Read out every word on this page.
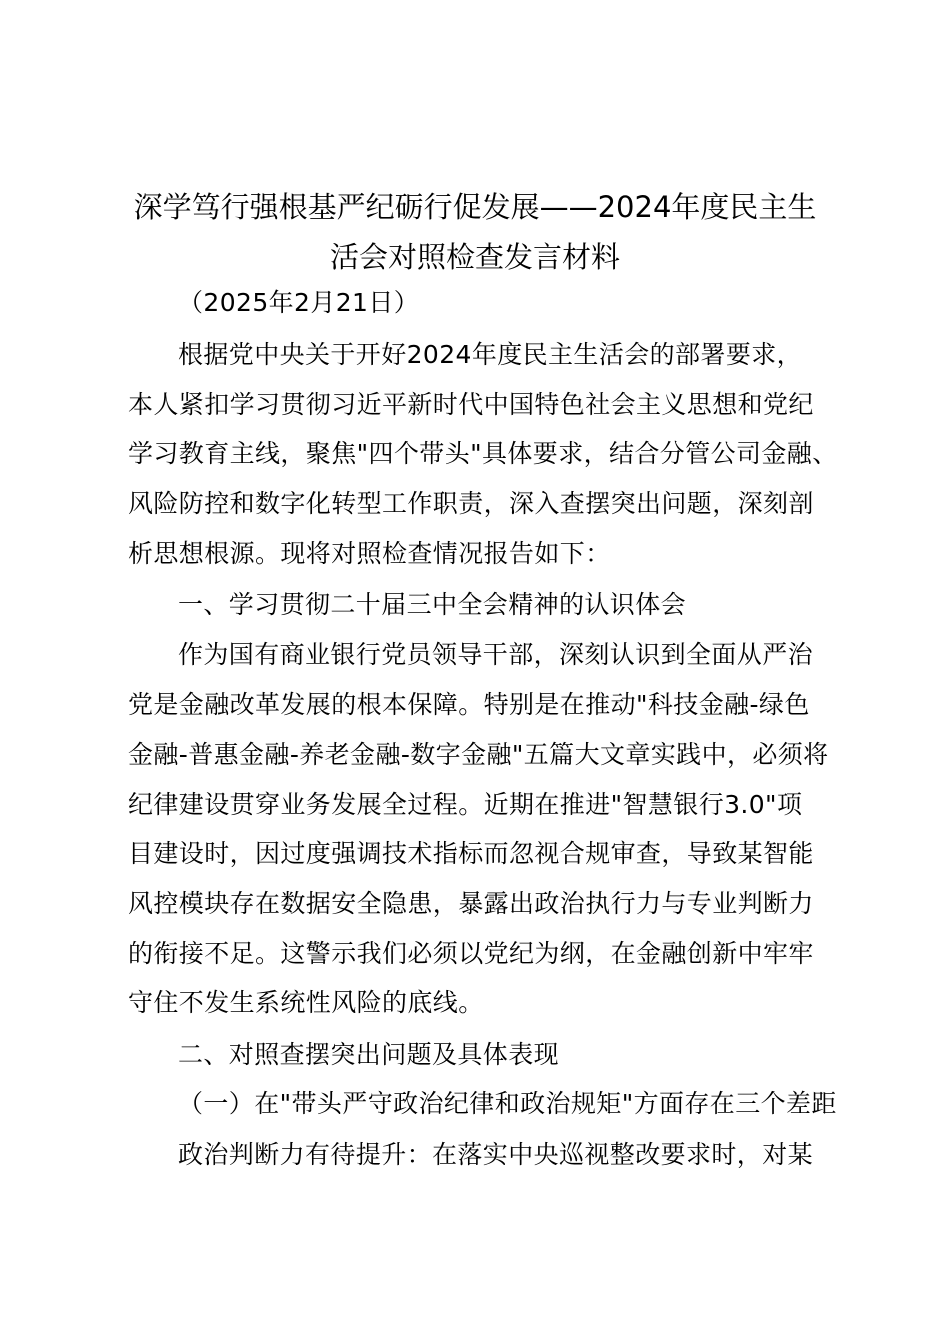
深学笃行强根基严纪砺行促发展——2024年度民主生
活会对照检查发言材料
（2025年2月21日）
根据党中央关于开好2024年度民主生活会的部署要求，
本人紧扣学习贯彻习近平新时代中国特色社会主义思想和党纪
学习教育主线，聚焦"四个带头"具体要求，结合分管公司金融、
风险防控和数字化转型工作职责，深入查摆突出问题，深刻剖
析思想根源。现将对照检查情况报告如下：
一、学习贯彻二十届三中全会精神的认识体会
作为国有商业银行党员领导干部，深刻认识到全面从严治
党是金融改革发展的根本保障。特别是在推动"科技金融-绿色
金融-普惠金融-养老金融-数字金融"五篇大文章实践中，必须将
纪律建设贯穿业务发展全过程。近期在推进"智慧银行3.0"项
目建设时，因过度强调技术指标而忽视合规审查，导致某智能
风控模块存在数据安全隐患，暴露出政治执行力与专业判断力
的衔接不足。这警示我们必须以党纪为纲，在金融创新中牢牢
守住不发生系统性风险的底线。
二、对照查摆突出问题及具体表现
（一）在"带头严守政治纪律和政治规矩"方面存在三个差距
政治判断力有待提升：在落实中央巡视整改要求时，对某
